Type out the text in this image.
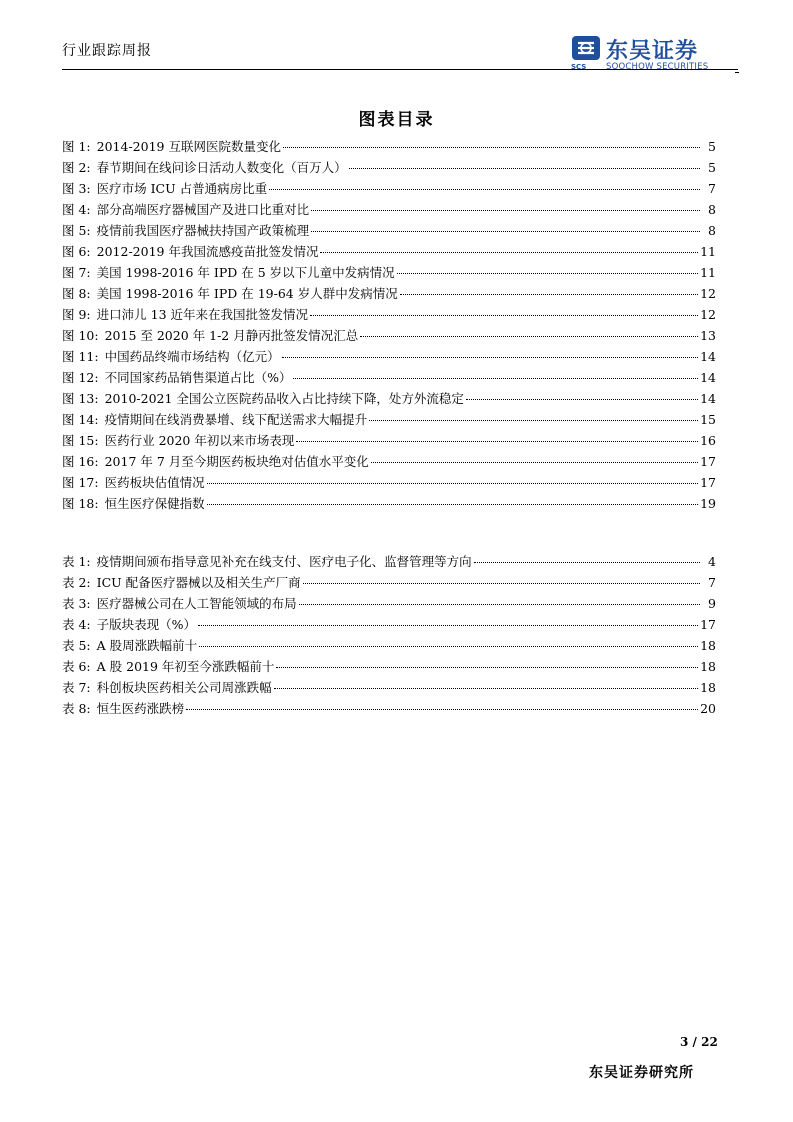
行业跟踪周报
SCS
东吴证券
SOOCHOW SECURITIES
图表目录
图 1: 2014-2019 互联网医院数量变化	5
图 2: 春节期间在线问诊日活动人数变化（百万人）	5
图 3: 医疗市场 ICU 占普通病房比重	7
图 4: 部分高端医疗器械国产及进口比重对比	8
图 5: 疫情前我国医疗器械扶持国产政策梳理	8
图 6: 2012-2019 年我国流感疫苗批签发情况	11
图 7: 美国 1998-2016 年 IPD 在 5 岁以下儿童中发病情况	11
图 8: 美国 1998-2016 年 IPD 在 19-64 岁人群中发病情况	12
图 9: 进口沛儿 13 近年来在我国批签发情况	12
图 10: 2015 至 2020 年 1-2 月静丙批签发情况汇总	13
图 11: 中国药品终端市场结构（亿元）	14
图 12: 不同国家药品销售渠道占比（%）	14
图 13: 2010-2021 全国公立医院药品收入占比持续下降，处方外流稳定	14
图 14: 疫情期间在线消费暴增、线下配送需求大幅提升	15
图 15: 医药行业 2020 年初以来市场表现	16
图 16: 2017 年 7 月至今期医药板块绝对估值水平变化	17
图 17: 医药板块估值情况	17
图 18: 恒生医疗保健指数	19
表 1: 疫情期间颁布指导意见补充在线支付、医疗电子化、监督管理等方向	4
表 2: ICU 配备医疗器械以及相关生产厂商	7
表 3: 医疗器械公司在人工智能领域的布局	9
表 4: 子版块表现（%）	17
表 5: A 股周涨跌幅前十	18
表 6: A 股 2019 年初至今涨跌幅前十	18
表 7: 科创板块医药相关公司周涨跌幅	18
表 8: 恒生医药涨跌榜	20
3 / 22
东吴证券研究所
